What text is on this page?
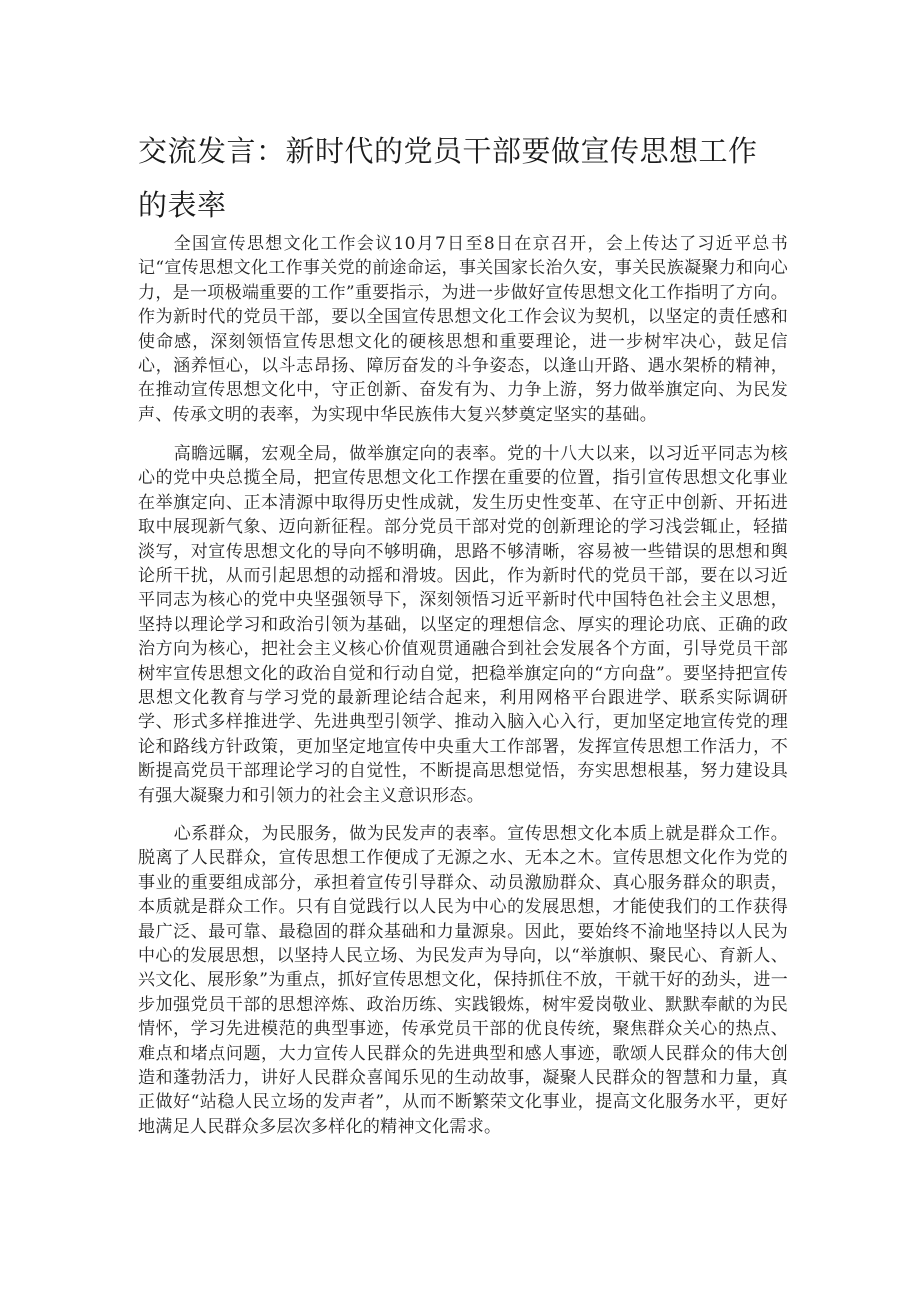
交流发言：新时代的党员干部要做宣传思想工作的表率

全国宣传思想文化工作会议10月7日至8日在京召开，会上传达了习近平总书记“宣传思想文化工作事关党的前途命运，事关国家长治久安，事关民族凝聚力和向心力，是一项极端重要的工作”重要指示，为进一步做好宣传思想文化工作指明了方向。作为新时代的党员干部，要以全国宣传思想文化工作会议为契机，以坚定的责任感和使命感，深刻领悟宣传思想文化的硬核思想和重要理论，进一步树牢决心，鼓足信心，涵养恒心，以斗志昂扬、障厉奋发的斗争姿态，以逢山开路、遇水架桥的精神，在推动宣传思想文化中，守正创新、奋发有为、力争上游，努力做举旗定向、为民发声、传承文明的表率，为实现中华民族伟大复兴梦奠定坚实的基础。

高瞻远瞩，宏观全局，做举旗定向的表率。党的十八大以来，以习近平同志为核心的党中央总揽全局，把宣传思想文化工作摆在重要的位置，指引宣传思想文化事业在举旗定向、正本清源中取得历史性成就，发生历史性变革、在守正中创新、开拓进取中展现新气象、迈向新征程。部分党员干部对党的创新理论的学习浅尝辄止，轻描淡写，对宣传思想文化的导向不够明确，思路不够清晰，容易被一些错误的思想和舆论所干扰，从而引起思想的动摇和滑坡。因此，作为新时代的党员干部，要在以习近平同志为核心的党中央坚强领导下，深刻领悟习近平新时代中国特色社会主义思想，坚持以理论学习和政治引领为基础，以坚定的理想信念、厚实的理论功底、正确的政治方向为核心，把社会主义核心价值观贯通融合到社会发展各个方面，引导党员干部树牢宣传思想文化的政治自觉和行动自觉，把稳举旗定向的“方向盘”。要坚持把宣传思想文化教育与学习党的最新理论结合起来，利用网格平台跟进学、联系实际调研学、形式多样推进学、先进典型引领学、推动入脑入心入行，更加坚定地宣传党的理论和路线方针政策，更加坚定地宣传中央重大工作部署，发挥宣传思想工作活力，不断提高党员干部理论学习的自觉性，不断提高思想觉悟，夯实思想根基，努力建设具有强大凝聚力和引领力的社会主义意识形态。

心系群众，为民服务，做为民发声的表率。宣传思想文化本质上就是群众工作。脱离了人民群众，宣传思想工作便成了无源之水、无本之木。宣传思想文化作为党的事业的重要组成部分，承担着宣传引导群众、动员激励群众、真心服务群众的职责，本质就是群众工作。只有自觉践行以人民为中心的发展思想，才能使我们的工作获得最广泛、最可靠、最稳固的群众基础和力量源泉。因此，要始终不渝地坚持以人民为中心的发展思想，以坚持人民立场、为民发声为导向，以“举旗帜、聚民心、育新人、兴文化、展形象”为重点，抓好宣传思想文化，保持抓住不放，干就干好的劲头，进一步加强党员干部的思想淬炼、政治历练、实践锻炼，树牢爱岗敬业、默默奉献的为民情怀，学习先进模范的典型事迹，传承党员干部的优良传统，聚焦群众关心的热点、难点和堵点问题，大力宣传人民群众的先进典型和感人事迹，歌颂人民群众的伟大创造和蓬勃活力，讲好人民群众喜闻乐见的生动故事，凝聚人民群众的智慧和力量，真正做好“站稳人民立场的发声者”，从而不断繁荣文化事业，提高文化服务水平，更好地满足人民群众多层次多样化的精神文化需求。
